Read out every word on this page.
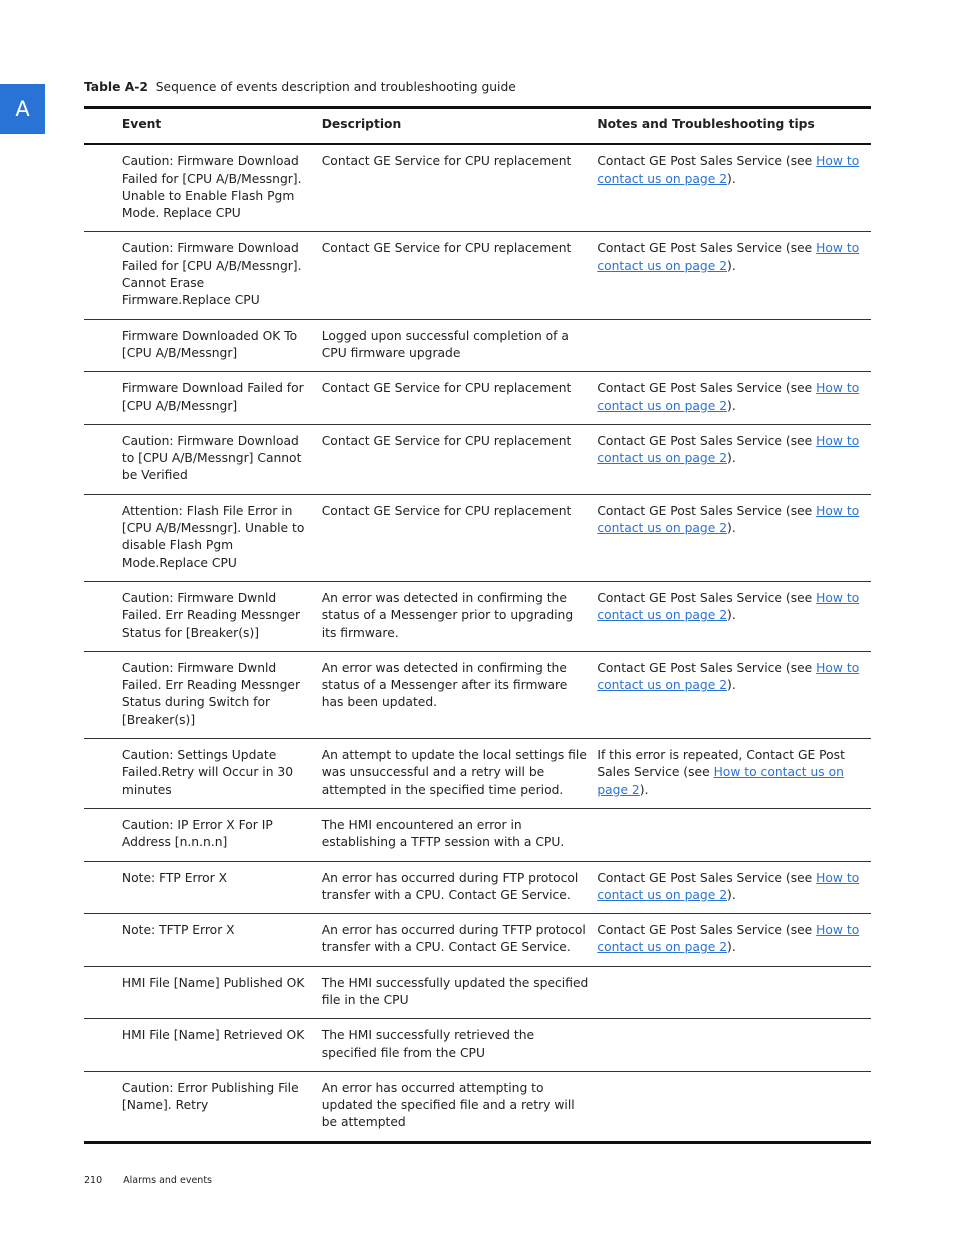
A
Table A-2 Sequence of events description and troubleshooting guide
	Event	Description	Notes and Troubleshooting tips
	Caution: Firmware Download Failed for [CPU A/B/Messngr]. Unable to Enable Flash Pgm Mode. Replace CPU	Contact GE Service for CPU replacement	Contact GE Post Sales Service (see How to contact us on page 2).
	Caution: Firmware Download Failed for [CPU A/B/Messngr]. Cannot Erase Firmware.Replace CPU	Contact GE Service for CPU replacement	Contact GE Post Sales Service (see How to contact us on page 2).
	Firmware Downloaded OK To [CPU A/B/Messngr]	Logged upon successful completion of a CPU firmware upgrade	
	Firmware Download Failed for [CPU A/B/Messngr]	Contact GE Service for CPU replacement	Contact GE Post Sales Service (see How to contact us on page 2).
	Caution: Firmware Download to [CPU A/B/Messngr] Cannot be Verified	Contact GE Service for CPU replacement	Contact GE Post Sales Service (see How to contact us on page 2).
	Attention: Flash File Error in [CPU A/B/Messngr]. Unable to disable Flash Pgm Mode.Replace CPU	Contact GE Service for CPU replacement	Contact GE Post Sales Service (see How to contact us on page 2).
	Caution: Firmware Dwnld Failed. Err Reading Messnger Status for [Breaker(s)]	An error was detected in confirming the status of a Messenger prior to upgrading its firmware.	Contact GE Post Sales Service (see How to contact us on page 2).
	Caution: Firmware Dwnld Failed. Err Reading Messnger Status during Switch for [Breaker(s)]	An error was detected in confirming the status of a Messenger after its firmware has been updated.	Contact GE Post Sales Service (see How to contact us on page 2).
	Caution: Settings Update Failed.Retry will Occur in 30 minutes	An attempt to update the local settings file was unsuccessful and a retry will be attempted in the specified time period.	If this error is repeated, Contact GE Post Sales Service (see How to contact us on page 2).
	Caution: IP Error X For IP Address [n.n.n.n]	The HMI encountered an error in establishing a TFTP session with a CPU.	
	Note: FTP Error X	An error has occurred during FTP protocol transfer with a CPU. Contact GE Service.	Contact GE Post Sales Service (see How to contact us on page 2).
	Note: TFTP Error X	An error has occurred during TFTP protocol transfer with a CPU. Contact GE Service.	Contact GE Post Sales Service (see How to contact us on page 2).
	HMI File [Name] Published OK	The HMI successfully updated the specified file in the CPU	
	HMI File [Name] Retrieved OK	The HMI successfully retrieved the specified file from the CPU	
	Caution: Error Publishing File [Name]. Retry	An error has occurred attempting to updated the specified file and a retry will be attempted	
210 Alarms and events
